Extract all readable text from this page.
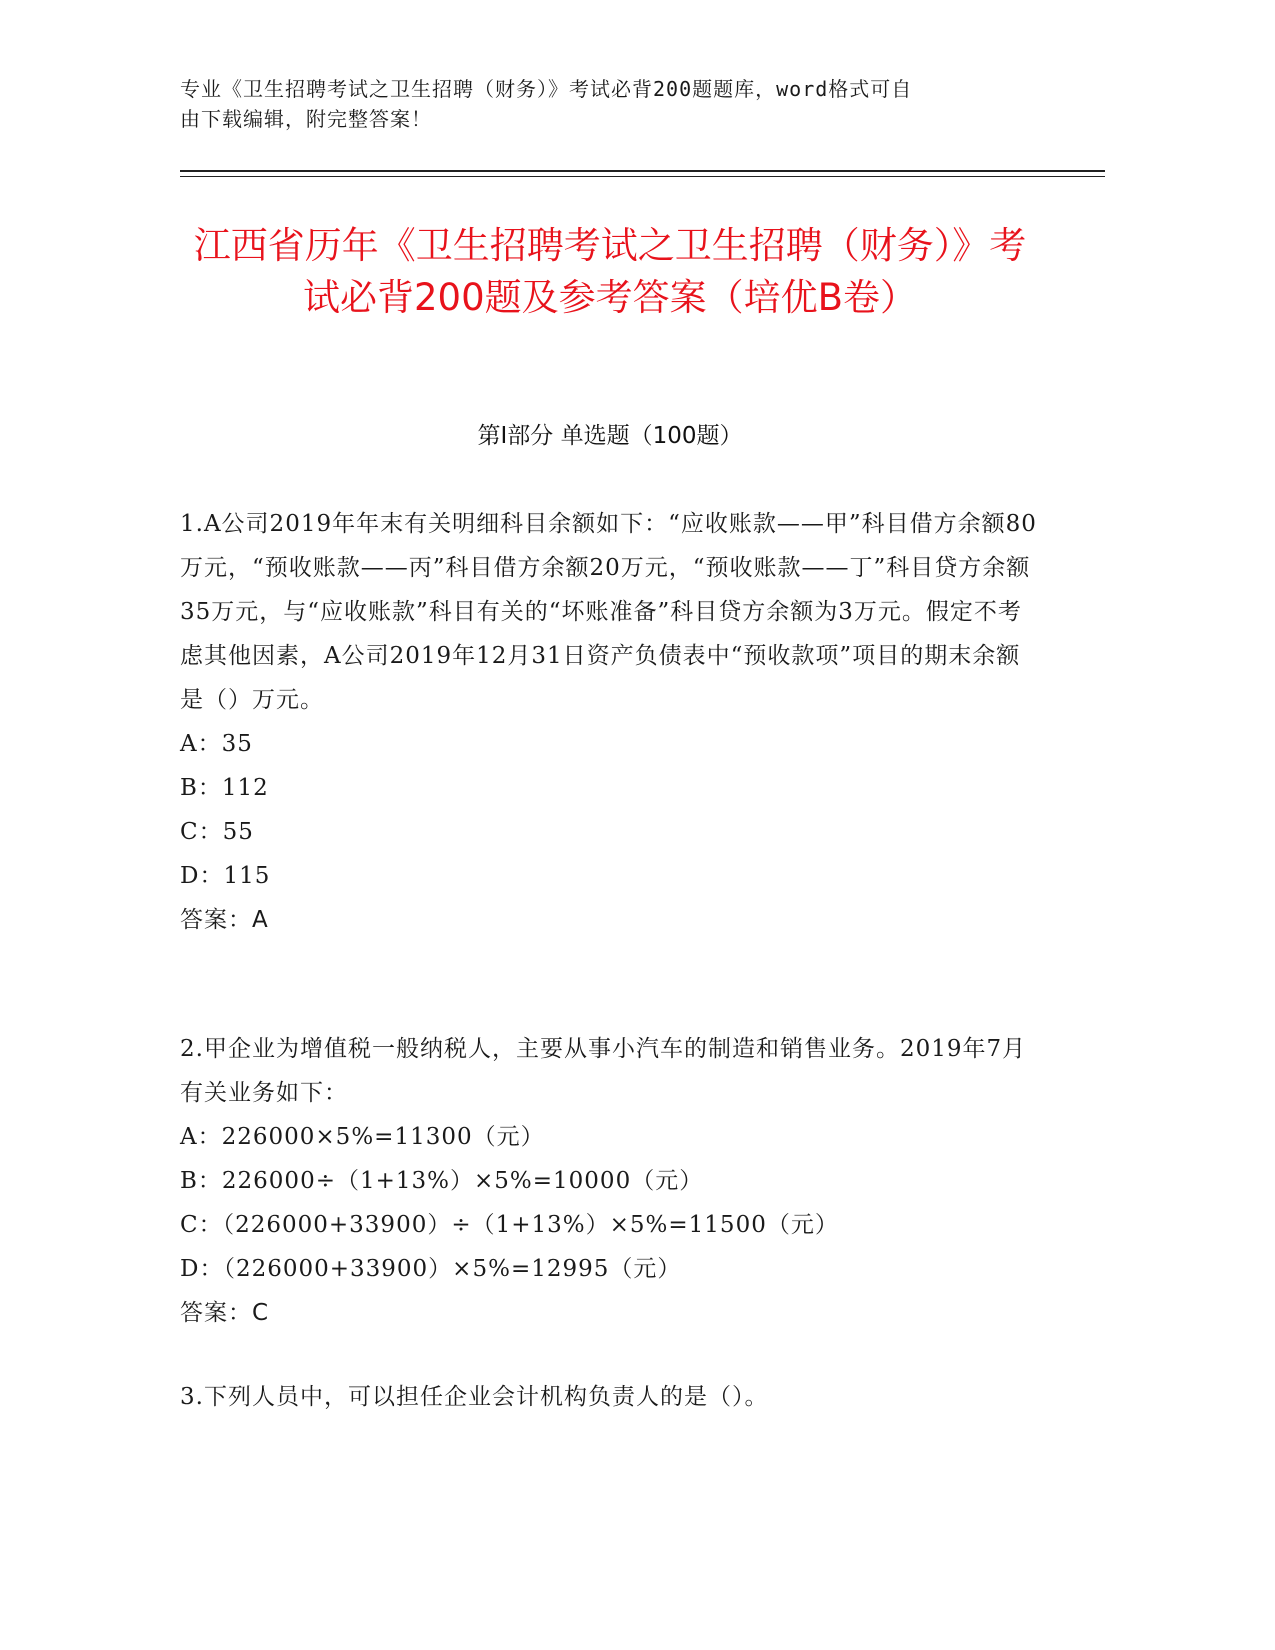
专业《卫生招聘考试之卫生招聘（财务）》考试必背200题题库，word格式可自
由下载编辑，附完整答案！
江西省历年《卫生招聘考试之卫生招聘（财务）》考试必背200题及参考答案（培优B卷）
第Ⅰ部分 单选题（100题）

1.A公司2019年年末有关明细科目余额如下：“应收账款——甲”科目借方余额80万元，“预收账款——丙”科目借方余额20万元，“预收账款——丁”科目贷方余额35万元，与“应收账款”科目有关的“坏账准备”科目贷方余额为3万元。假定不考虑其他因素，A公司2019年12月31日资产负债表中“预收款项”项目的期末余额是（）万元。

A：35

B：112

C：55

D：115

答案：A

2.甲企业为增值税一般纳税人，主要从事小汽车的制造和销售业务。2019年7月有关业务如下：

A：226000×5%=11300（元）

B：226000÷（1+13%）×5%=10000（元）

C：（226000+33900）÷（1+13%）×5%=11500（元）

D：（226000+33900）×5%=12995（元）

答案：C

3.下列人员中，可以担任企业会计机构负责人的是（）。
